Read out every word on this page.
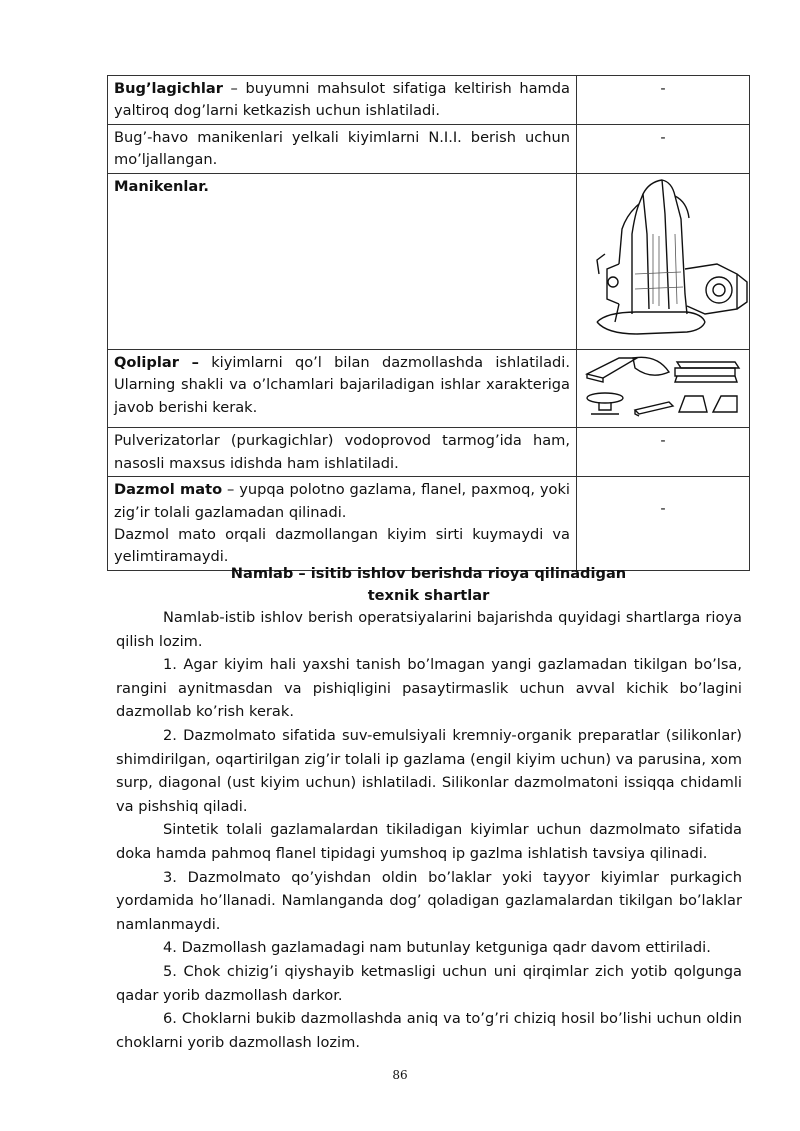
Bug’lagichlar – buyumni mahsulot sifatiga keltirish hamda yaltiroq dog’larni ketkazish uchun ishlatiladi.	-

Bug’-havo manikenlari yelkali kiyimlarni N.I.I. berish uchun mo’ljallangan.	-

Manikenlar.	
Qoliplar – kiyimlarni qo’l bilan dazmollashda ishlatiladi. Ularning shakli va o’lchamlari bajariladigan ishlar xarakteriga javob berishi kerak.	
Pulverizatorlar (purkagichlar) vodoprovod tarmog’ida ham, nasosli maxsus idishda ham ishlatiladi.	-

Dazmol mato – yupqa polotno gazlama, flanel, paxmoq, yoki zig’ir tolali gazlamadan qilinadi.
Dazmol mato orqali dazmollangan kiyim sirti kuymaydi va yelimtiramaydi.	-
Namlab – isitib ishlov berishda rioya qilinadigan
texnik shartlar

Namlab-istib ishlov berish operatsiyalarini bajarishda quyidagi shartlarga rioya qilish lozim.

1. Agar kiyim hali yaxshi tanish bo’lmagan yangi gazlamadan tikilgan bo’lsa, rangini aynitmasdan va pishiqligini pasaytirmaslik uchun avval kichik bo’lagini dazmollab ko’rish kerak.

2. Dazmolmato sifatida suv-emulsiyali kremniy-organik preparatlar (silikonlar) shimdirilgan, oqartirilgan zig’ir tolali ip gazlama (engil kiyim uchun) va parusina, xom surp, diagonal (ust kiyim uchun) ishlatiladi. Silikonlar dazmolmatoni issiqqa chidamli va pishshiq qiladi.

Sintetik tolali gazlamalardan tikiladigan kiyimlar uchun dazmolmato sifatida doka hamda pahmoq flanel tipidagi yumshoq ip gazlma ishlatish tavsiya qilinadi.

3. Dazmolmato qo’yishdan oldin bo’laklar yoki tayyor kiyimlar purkagich yordamida ho’llanadi. Namlanganda dog’ qoladigan gazlamalardan tikilgan bo’laklar namlanmaydi.

4. Dazmollash gazlamadagi nam butunlay ketguniga qadr davom ettiriladi.

5. Chok chizig’i qiyshayib ketmasligi uchun uni qirqimlar zich yotib qolgunga qadar yorib dazmollash darkor.

6. Choklarni bukib dazmollashda aniq va to’g’ri chiziq hosil bo’lishi uchun oldin choklarni yorib dazmollash lozim.

86
